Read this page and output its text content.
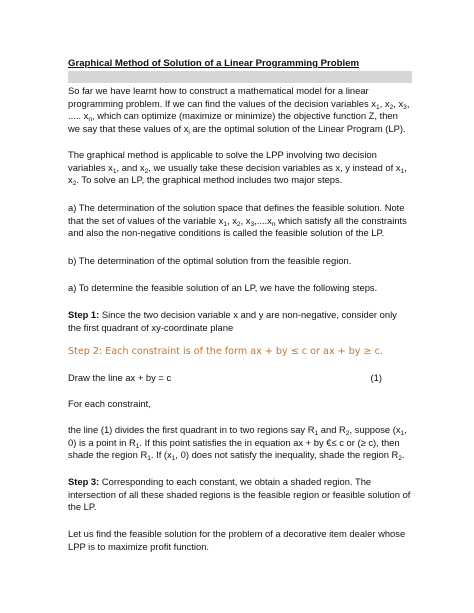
Graphical Method of Solution of a Linear Programming Problem

So far we have learnt how to construct a mathematical model for a linear programming problem. If we can find the values of the decision variables $x_1$, $x_2$, $x_3$, ..... $x_n$, which can optimize (maximize or minimize) the objective function Z, then we say that these values of $x_i$ are the optimal solution of the Linear Program (LP).

The graphical method is applicable to solve the LPP involving two decision variables $x_1$, and $x_2$, we usually take these decision variables as x, y instead of $x_1$, $x_2$. To solve an LP, the graphical method includes two major steps.

a) The determination of the solution space that defines the feasible solution. Note that the set of values of the variable $x_1$, $x_2$, $x_3,....x_n$ which satisfy all the constraints and also the non-negative conditions is called the feasible solution of the LP.

b) The determination of the optimal solution from the feasible region.

a) To determine the feasible solution of an LP, we have the following steps.

Step 1: Since the two decision variable x and y are non-negative, consider only the first quadrant of xy-coordinate plane

Step 2: Each constraint is of the form ax + by ≤ c or ax + by ≥ c.

Draw the line ax + by = c	(1)

For each constraint,

the line (1) divides the first quadrant in to two regions say $R_1$ and $R_2$, suppose ($x_1$, 0) is a point in $R_1$. If this point satisfies the in equation ax + by €≤ c or (≥ c), then shade the region $R_1$. If ($x_1$, 0) does not satisfy the inequality, shade the region $R_2$.

Step 3: Corresponding to each constant, we obtain a shaded region. The intersection of all these shaded regions is the feasible region or feasible solution of the LP.

Let us find the feasible solution for the problem of a decorative item dealer whose LPP is to maximize profit function.
